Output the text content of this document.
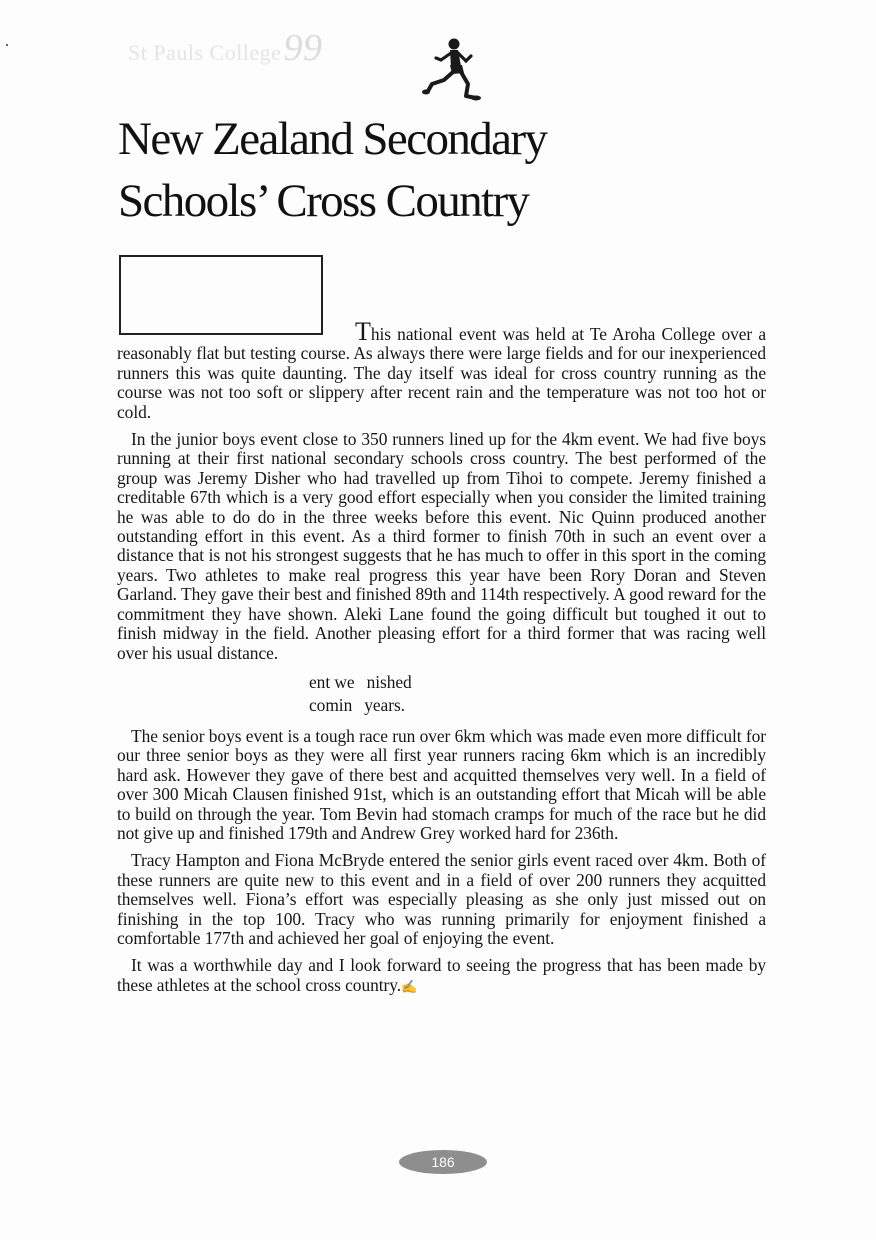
St Pauls College99
New Zealand Secondary
Schools’ Cross Country

This national event was held at Te Aroha College over a reasonably flat but testing course. As always there were large fields and for our inexperienced runners this was quite daunting. The day itself was ideal for cross country running as the course was not too soft or slippery after recent rain and the temperature was not too hot or cold.

In the junior boys event close to 350 runners lined up for the 4km event. We had five boys running at their first national secondary schools cross country. The best performed of the group was Jeremy Disher who had travelled up from Tihoi to compete. Jeremy finished a creditable 67th which is a very good effort especially when you consider the limited training he was able to do do in the three weeks before this event. Nic Quinn produced another outstanding effort in this event. As a third former to finish 70th in such an event over a distance that is not his strongest suggests that he has much to offer in this sport in the coming years. Two athletes to make real progress this year have been Rory Doran and Steven Garland. They gave their best and finished 89th and 114th respectively. A good reward for the commitment they have shown. Aleki Lane found the going difficult but toughed it out to finish midway in the field. Another pleasing effort for a third former that was racing well over his usual distance.

ent we nished
comin years.

The senior boys event is a tough race run over 6km which was made even more difficult for our three senior boys as they were all first year runners racing 6km which is an incredibly hard ask. However they gave of there best and acquitted themselves very well. In a field of over 300 Micah Clausen finished 91st, which is an outstanding effort that Micah will be able to build on through the year. Tom Bevin had stomach cramps for much of the race but he did not give up and finished 179th and Andrew Grey worked hard for 236th.

Tracy Hampton and Fiona McBryde entered the senior girls event raced over 4km. Both of these runners are quite new to this event and in a field of over 200 runners they acquitted themselves well. Fiona’s effort was especially pleasing as she only just missed out on finishing in the top 100. Tracy who was running primarily for enjoyment finished a comfortable 177th and achieved her goal of enjoying the event.

It was a worthwhile day and I look forward to seeing the progress that has been made by these athletes at the school cross country.✍

186
